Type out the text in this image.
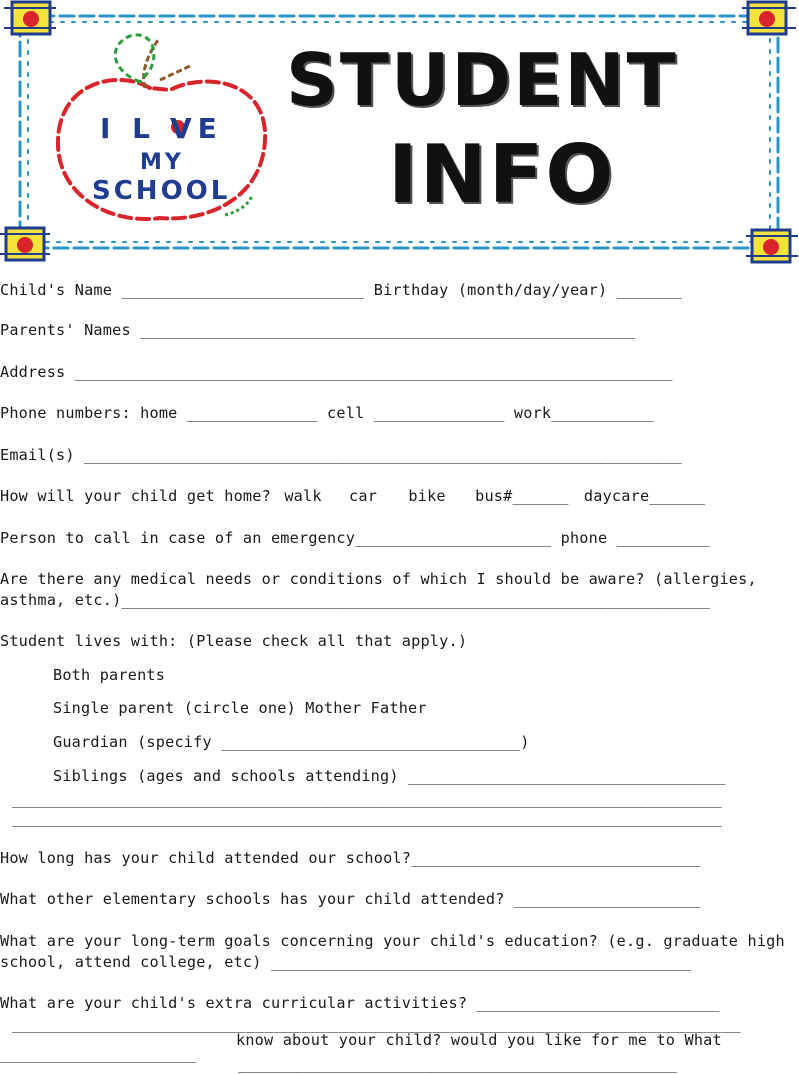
I L VE
MY
SCHOOL
STUDENT
INFO
Child's Name __________________________ Birthday (month/day/year) _______
Parents' Names _____________________________________________________
Address ________________________________________________________________
Phone numbers: home ______________ cell ______________ work___________
Email(s) ________________________________________________________________
How will your child get home? walk car bike bus#______ daycare______
Person to call in case of an emergency_____________________ phone __________
Are there any medical needs or conditions of which I should be aware? (allergies,
asthma, etc.)_______________________________________________________________
Student lives with: (Please check all that apply.)
Both parents
Single parent (circle one) Mother Father
Guardian (specify ________________________________)
Siblings (ages and schools attending) __________________________________
____________________________________________________________________________
____________________________________________________________________________
How long has your child attended our school?_______________________________
What other elementary schools has your child attended? ____________________
What are your long-term goals concerning your child's education? (e.g. graduate high
school, attend college, etc) _____________________________________________
What are your child's extra curricular activities? __________________________
______________________________________________________________________________
know about your child? would you like for me to What
_____________________
_______________________________________________
